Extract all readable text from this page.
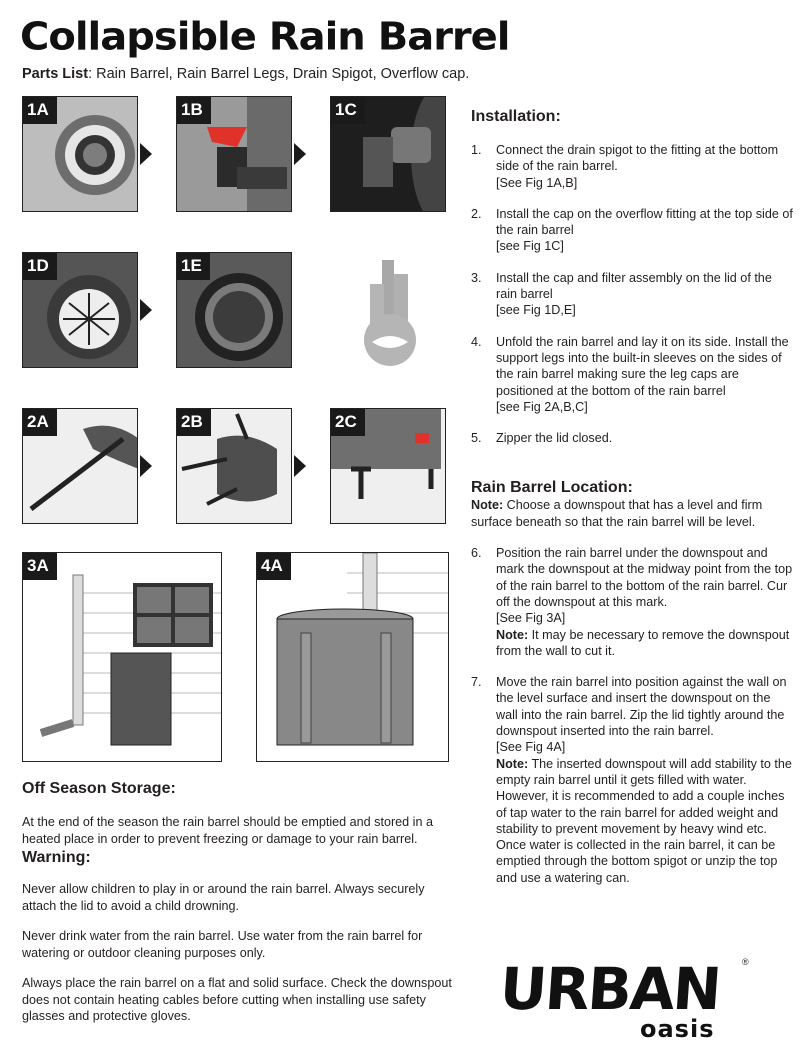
Collapsible Rain Barrel
Parts List: Rain Barrel, Rain Barrel Legs, Drain Spigot, Overflow cap.
1A	1B	1C
1D	1E
2A	2B	2C
3A	4A
Installation:
1. Connect the drain spigot to the fitting at the bottom side of the rain barrel.
[See Fig 1A,B]
2. Install the cap on the overflow fitting at the top side of the rain barrel
[see Fig 1C]
3. Install the cap and filter assembly on the lid of the rain barrel
[see Fig 1D,E]
4. Unfold the rain barrel and lay it on its side. Install the support legs into the built-in sleeves on the sides of the rain barrel making sure the leg caps are positioned at the bottom of the rain barrel
[see Fig 2A,B,C]
5. Zipper the lid closed.
Rain Barrel Location:
Note: Choose a downspout that has a level and firm surface beneath so that the rain barrel will be level.
6. Position the rain barrel under the downspout and mark the downspout at the midway point from the top of the rain barrel to the bottom of the rain barrel. Cur off the downspout at this mark.
[See Fig 3A]
Note: It may be necessary to remove the downspout from the wall to cut it.
7. Move the rain barrel into position against the wall on the level surface and insert the downspout on the wall into the rain barrel. Zip the lid tightly around the downspout inserted into the rain barrel.
[See Fig 4A]
Note: The inserted downspout will add stability to the empty rain barrel until it gets filled with water. However, it is recommended to add a couple inches of tap water to the rain barrel for added weight and stability to prevent movement by heavy wind etc. Once water is collected in the rain barrel, it can be emptied through the bottom spigot or unzip the top and use a watering can.
Off Season Storage:

At the end of the season the rain barrel should be emptied and stored in a heated place in order to prevent freezing or damage to your rain barrel.

Warning:

Never allow children to play in or around the rain barrel. Always securely attach the lid to avoid a child drowning.

Never drink water from the rain barrel. Use water from the rain barrel for watering or outdoor cleaning purposes only.

Always place the rain barrel on a flat and solid surface. Check the downspout does not contain heating cables before cutting when installing use safety glasses and protective gloves.	URBAN ®
oasis
